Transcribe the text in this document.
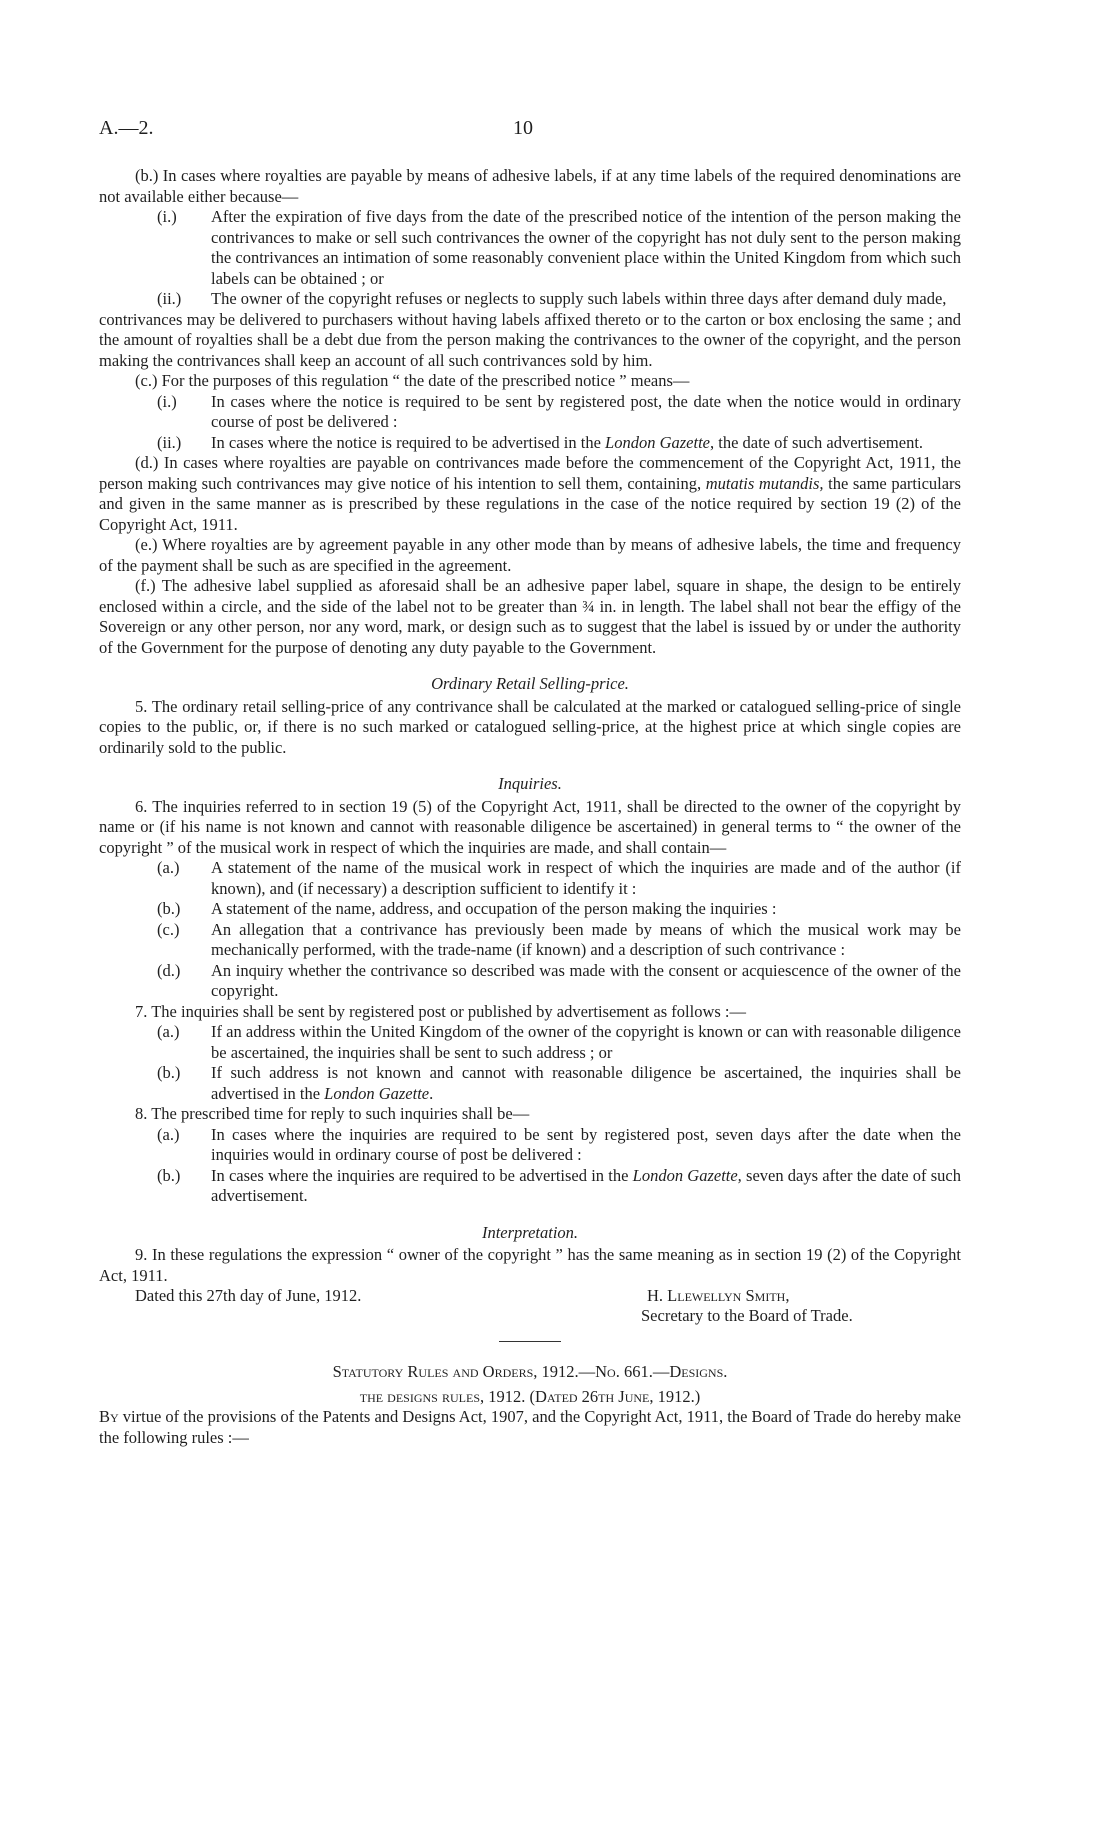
A.—2.	10

(b.) In cases where royalties are payable by means of adhesive labels, if at any time labels of the required denominations are not available either because—

(i.) After the expiration of five days from the date of the prescribed notice of the intention of the person making the contrivances to make or sell such contrivances the owner of the copyright has not duly sent to the person making the contrivances an intimation of some reasonably convenient place within the United Kingdom from which such labels can be obtained ; or

(ii.) The owner of the copyright refuses or neglects to supply such labels within three days after demand duly made,

contrivances may be delivered to purchasers without having labels affixed thereto or to the carton or box enclosing the same ; and the amount of royalties shall be a debt due from the person making the contrivances to the owner of the copyright, and the person making the contrivances shall keep an account of all such contrivances sold by him.

(c.) For the purposes of this regulation “ the date of the prescribed notice ” means—

(i.) In cases where the notice is required to be sent by registered post, the date when the notice would in ordinary course of post be delivered :

(ii.) In cases where the notice is required to be advertised in the London Gazette, the date of such advertisement.

(d.) In cases where royalties are payable on contrivances made before the commencement of the Copyright Act, 1911, the person making such contrivances may give notice of his intention to sell them, containing, mutatis mutandis, the same particulars and given in the same manner as is prescribed by these regulations in the case of the notice required by section 19 (2) of the Copyright Act, 1911.

(e.) Where royalties are by agreement payable in any other mode than by means of adhesive labels, the time and frequency of the payment shall be such as are specified in the agreement.

(f.) The adhesive label supplied as aforesaid shall be an adhesive paper label, square in shape, the design to be entirely enclosed within a circle, and the side of the label not to be greater than ¾ in. in length. The label shall not bear the effigy of the Sovereign or any other person, nor any word, mark, or design such as to suggest that the label is issued by or under the authority of the Government for the purpose of denoting any duty payable to the Government.

Ordinary Retail Selling-price.

5. The ordinary retail selling-price of any contrivance shall be calculated at the marked or catalogued selling-price of single copies to the public, or, if there is no such marked or catalogued selling-price, at the highest price at which single copies are ordinarily sold to the public.

Inquiries.

6. The inquiries referred to in section 19 (5) of the Copyright Act, 1911, shall be directed to the owner of the copyright by name or (if his name is not known and cannot with reasonable diligence be ascertained) in general terms to “ the owner of the copyright ” of the musical work in respect of which the inquiries are made, and shall contain—

(a.) A statement of the name of the musical work in respect of which the inquiries are made and of the author (if known), and (if necessary) a description sufficient to identify it :

(b.) A statement of the name, address, and occupation of the person making the inquiries :

(c.) An allegation that a contrivance has previously been made by means of which the musical work may be mechanically performed, with the trade-name (if known) and a description of such contrivance :

(d.) An inquiry whether the contrivance so described was made with the consent or acquiescence of the owner of the copyright.

7. The inquiries shall be sent by registered post or published by advertisement as follows :—

(a.) If an address within the United Kingdom of the owner of the copyright is known or can with reasonable diligence be ascertained, the inquiries shall be sent to such address ; or

(b.) If such address is not known and cannot with reasonable diligence be ascertained, the inquiries shall be advertised in the London Gazette.

8. The prescribed time for reply to such inquiries shall be—

(a.) In cases where the inquiries are required to be sent by registered post, seven days after the date when the inquiries would in ordinary course of post be delivered :

(b.) In cases where the inquiries are required to be advertised in the London Gazette, seven days after the date of such advertisement.

Interpretation.

9. In these regulations the expression “ owner of the copyright ” has the same meaning as in section 19 (2) of the Copyright Act, 1911.

Dated this 27th day of June, 1912.	H. Llewellyn Smith,
Secretary to the Board of Trade.

Statutory Rules and Orders, 1912.—No. 661.—Designs.

the designs rules, 1912. (Dated 26th June, 1912.)

By virtue of the provisions of the Patents and Designs Act, 1907, and the Copyright Act, 1911, the Board of Trade do hereby make the following rules :—
